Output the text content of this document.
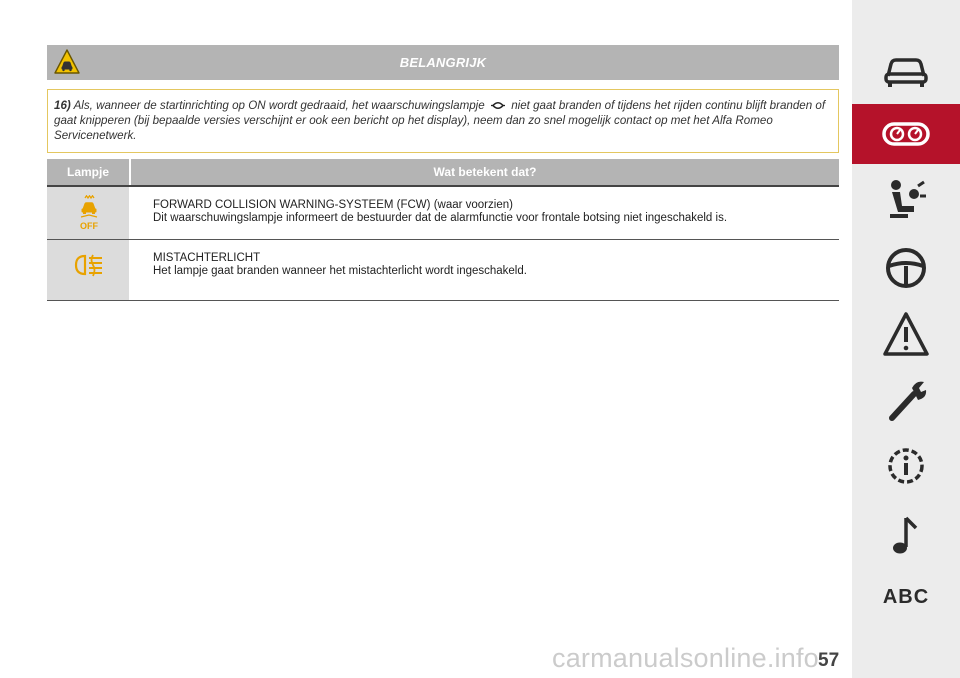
BELANGRIJK
16) Als, wanneer de startinrichting op ON wordt gedraaid, het waarschuwingslampje niet gaat branden of tijdens het rijden continu blijft branden of gaat knipperen (bij bepaalde versies verschijnt er ook een bericht op het display), neem dan zo snel mogelijk contact op met het Alfa Romeo Servicenetwerk.
Lampje	Wat betekent dat?
OFF
FORWARD COLLISION WARNING-SYSTEEM (FCW) (waar voorzien)
Dit waarschuwingslampje informeert de bestuurder dat de alarmfunctie voor frontale botsing niet ingeschakeld is.
MISTACHTERLICHT
Het lampje gaat branden wanneer het mistachterlicht wordt ingeschakeld.
carmanualsonline.info 57
ABC
